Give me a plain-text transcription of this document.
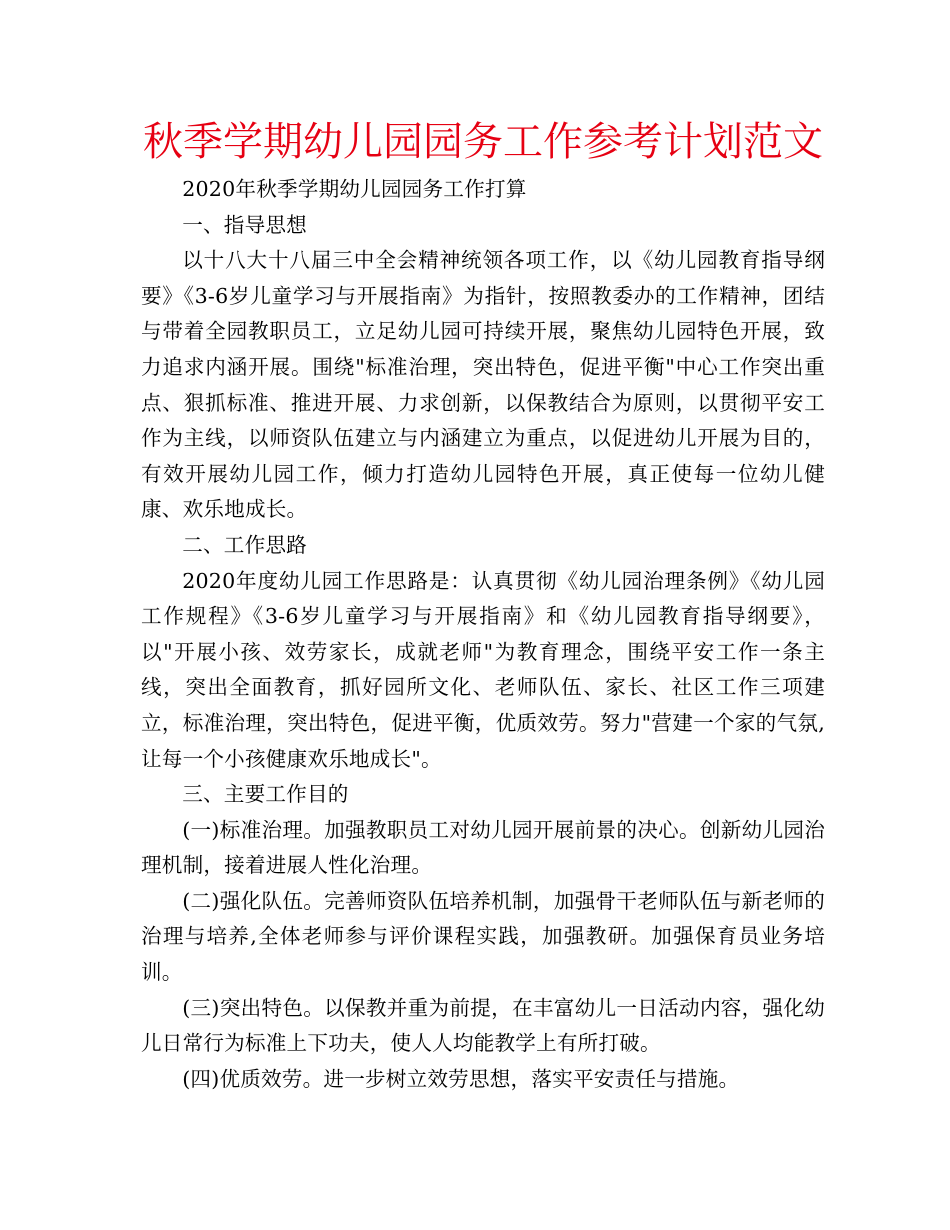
秋季学期幼儿园园务工作参考计划范文

2020年秋季学期幼儿园园务工作打算

一、指导思想

以十八大十八届三中全会精神统领各项工作，以《幼儿园教育指导纲要》《3-6岁儿童学习与开展指南》为指针，按照教委办的工作精神，团结与带着全园教职员工，立足幼儿园可持续开展，聚焦幼儿园特色开展，致力追求内涵开展。围绕"标准治理，突出特色，促进平衡"中心工作突出重点、狠抓标准、推进开展、力求创新，以保教结合为原则，以贯彻平安工作为主线，以师资队伍建立与内涵建立为重点，以促进幼儿开展为目的，有效开展幼儿园工作，倾力打造幼儿园特色开展，真正使每一位幼儿健康、欢乐地成长。

二、工作思路

2020年度幼儿园工作思路是：认真贯彻《幼儿园治理条例》《幼儿园工作规程》《3-6岁儿童学习与开展指南》和《幼儿园教育指导纲要》，以"开展小孩、效劳家长，成就老师"为教育理念，围绕平安工作一条主线，突出全面教育，抓好园所文化、老师队伍、家长、社区工作三项建立，标准治理，突出特色，促进平衡，优质效劳。努力"营建一个家的气氛,让每一个小孩健康欢乐地成长"。

三、主要工作目的

(一)标准治理。加强教职员工对幼儿园开展前景的决心。创新幼儿园治理机制，接着进展人性化治理。

(二)强化队伍。完善师资队伍培养机制，加强骨干老师队伍与新老师的治理与培养,全体老师参与评价课程实践，加强教研。加强保育员业务培训。

(三)突出特色。以保教并重为前提，在丰富幼儿一日活动内容，强化幼儿日常行为标准上下功夫，使人人均能教学上有所打破。

(四)优质效劳。进一步树立效劳思想，落实平安责任与措施。
